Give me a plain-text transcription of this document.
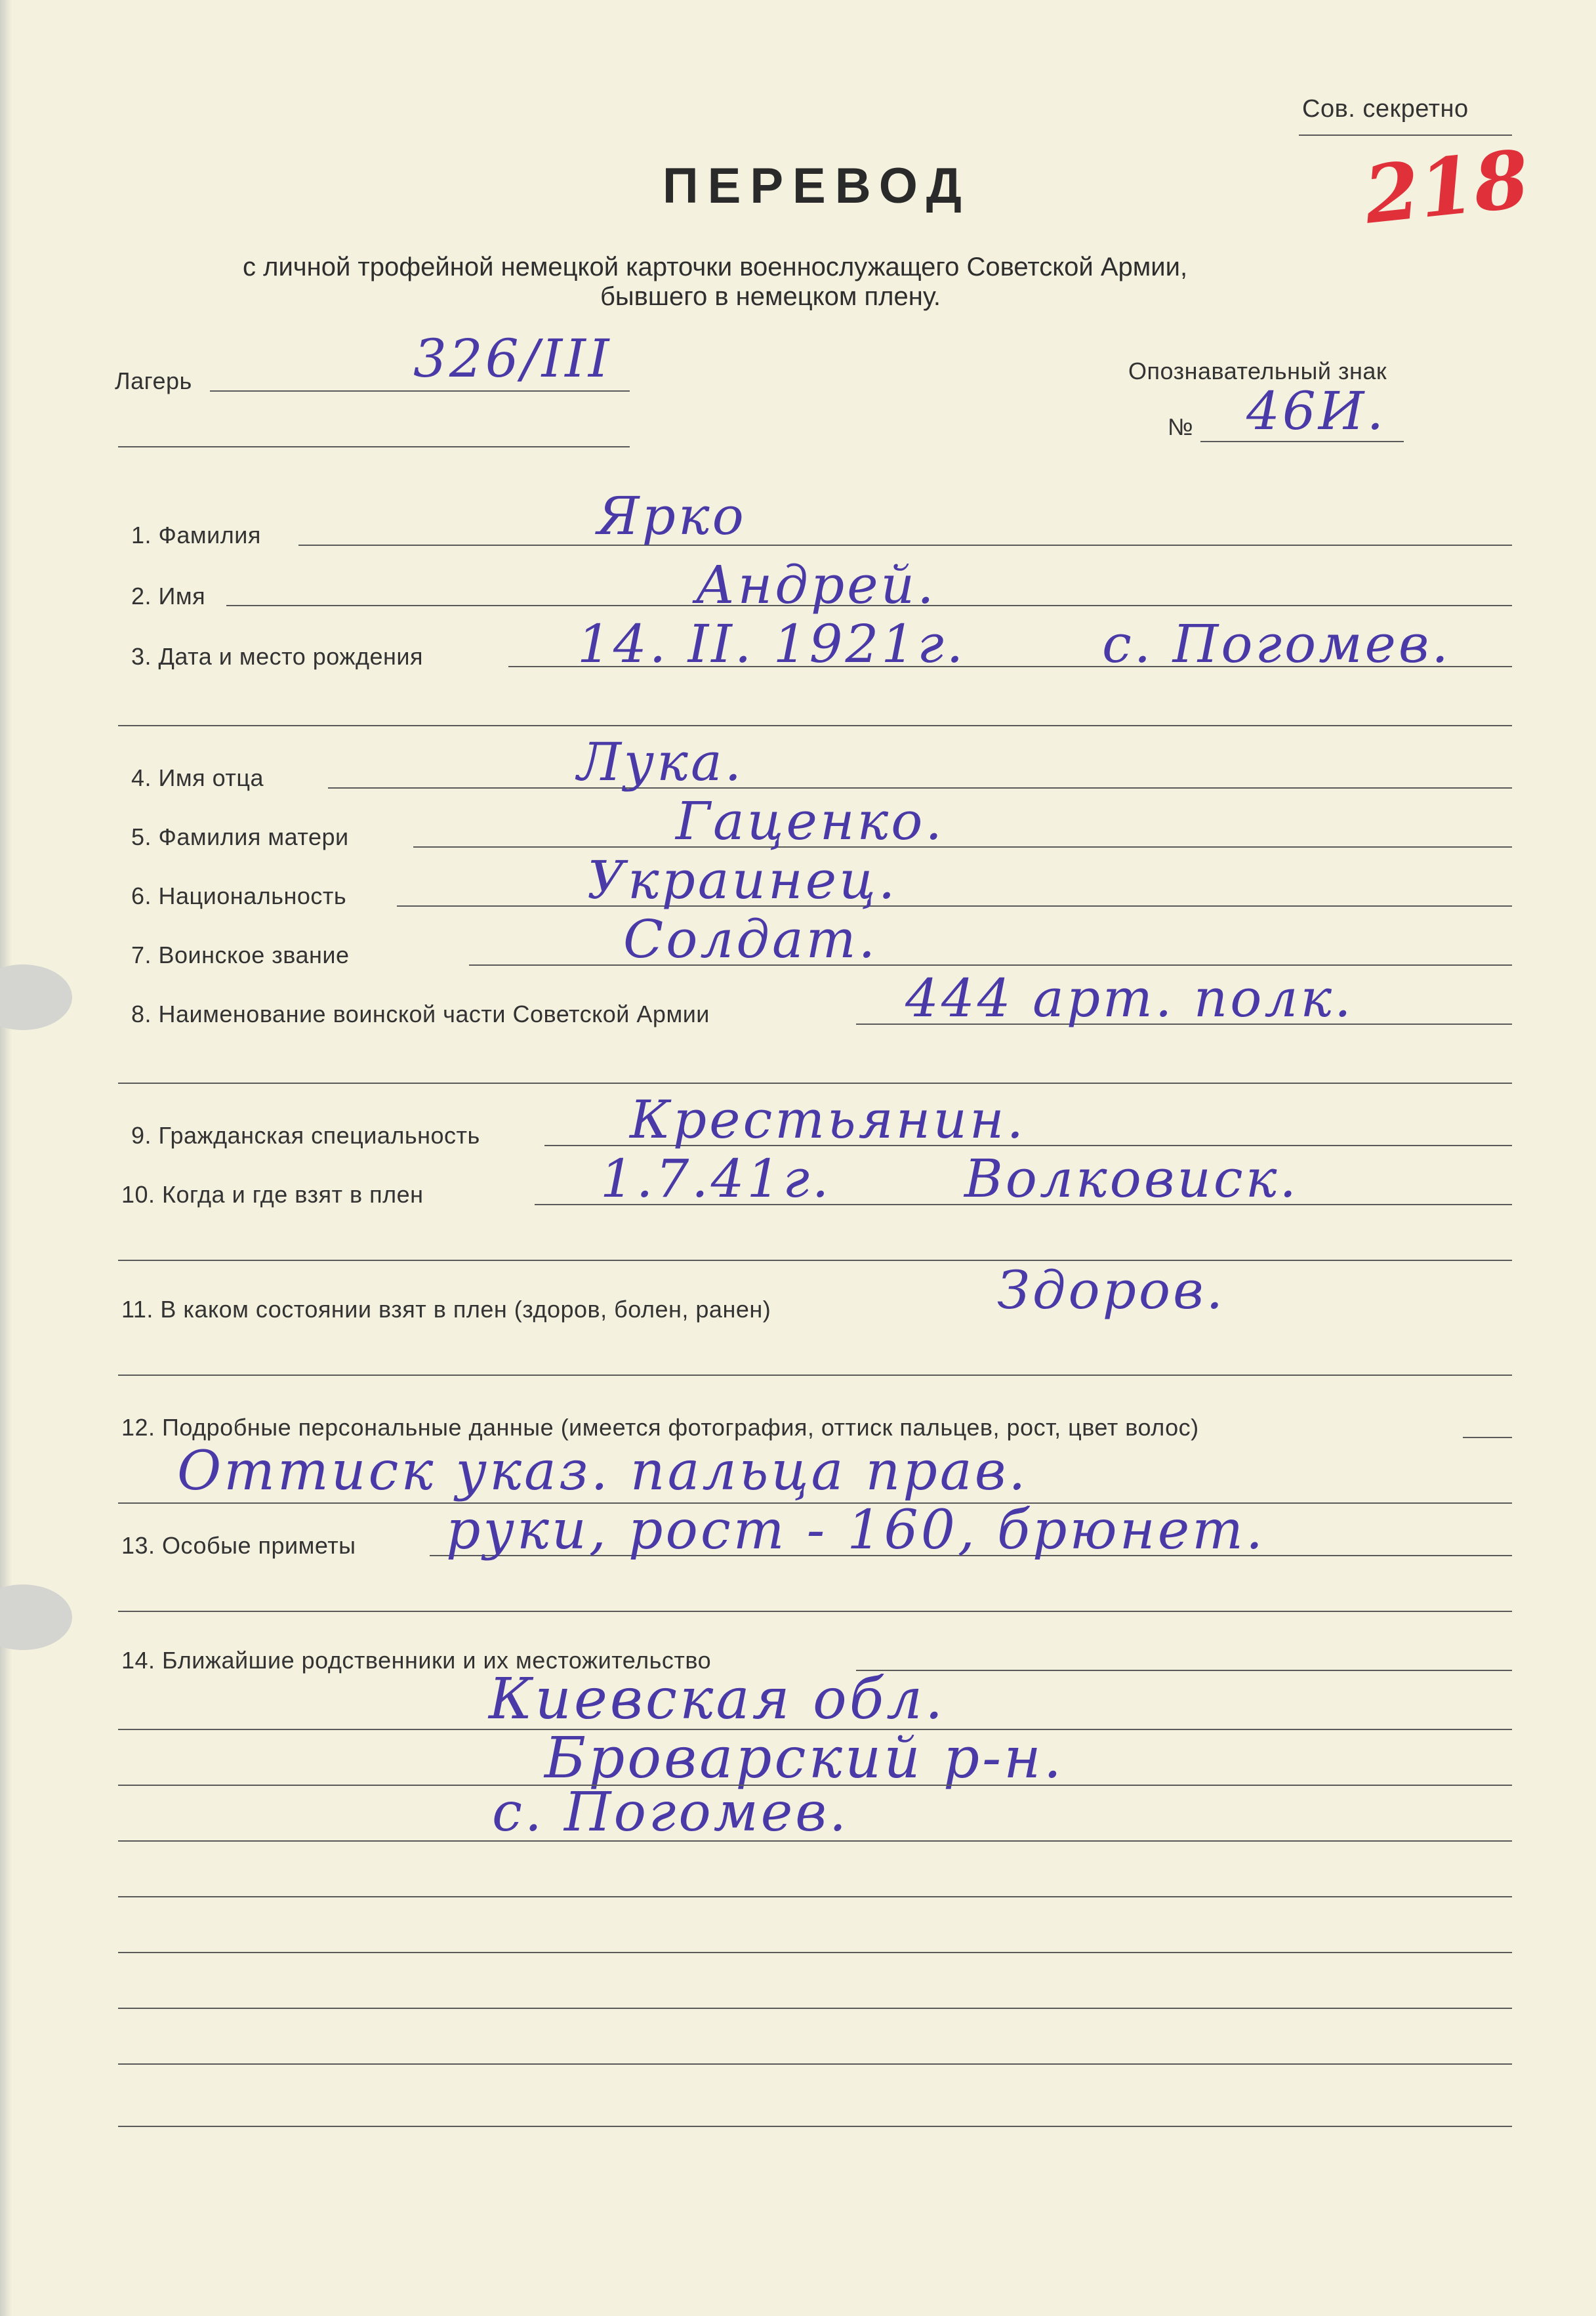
Сов. секретно
218
ПЕРЕВОД
с личной трофейной немецкой карточки военнослужащего Советской Армии,
бывшего в немецком плену.
Лагерь	326/III	Опознавательный знак
№ 46И.
1. Фамилия	Ярко
2. Имя	Андрей.
3. Дата и место рождения	14. II. 1921г.	с. Погомев.
4. Имя отца	Лука.
5. Фамилия матери	Гаценко.
6. Национальность	Украинец.
7. Воинское звание	Солдат.
8. Наименование воинской части Советской Армии	444 арт. полк.
9. Гражданская специальность	Крестьянин.
10. Когда и где взят в плен	1.7.41г.	Волковиск.
11. В каком состоянии взят в плен (здоров, болен, ранен)	Здоров.
12. Подробные персональные данные (имеется фотография, оттиск пальцев, рост, цвет волос)
Оттиск указ. пальца прав.
13. Особые приметы руки, рост - 160, брюнет.
14. Ближайшие родственники и их местожительство
Киевская обл.
Броварский р-н.
с. Погомев.
